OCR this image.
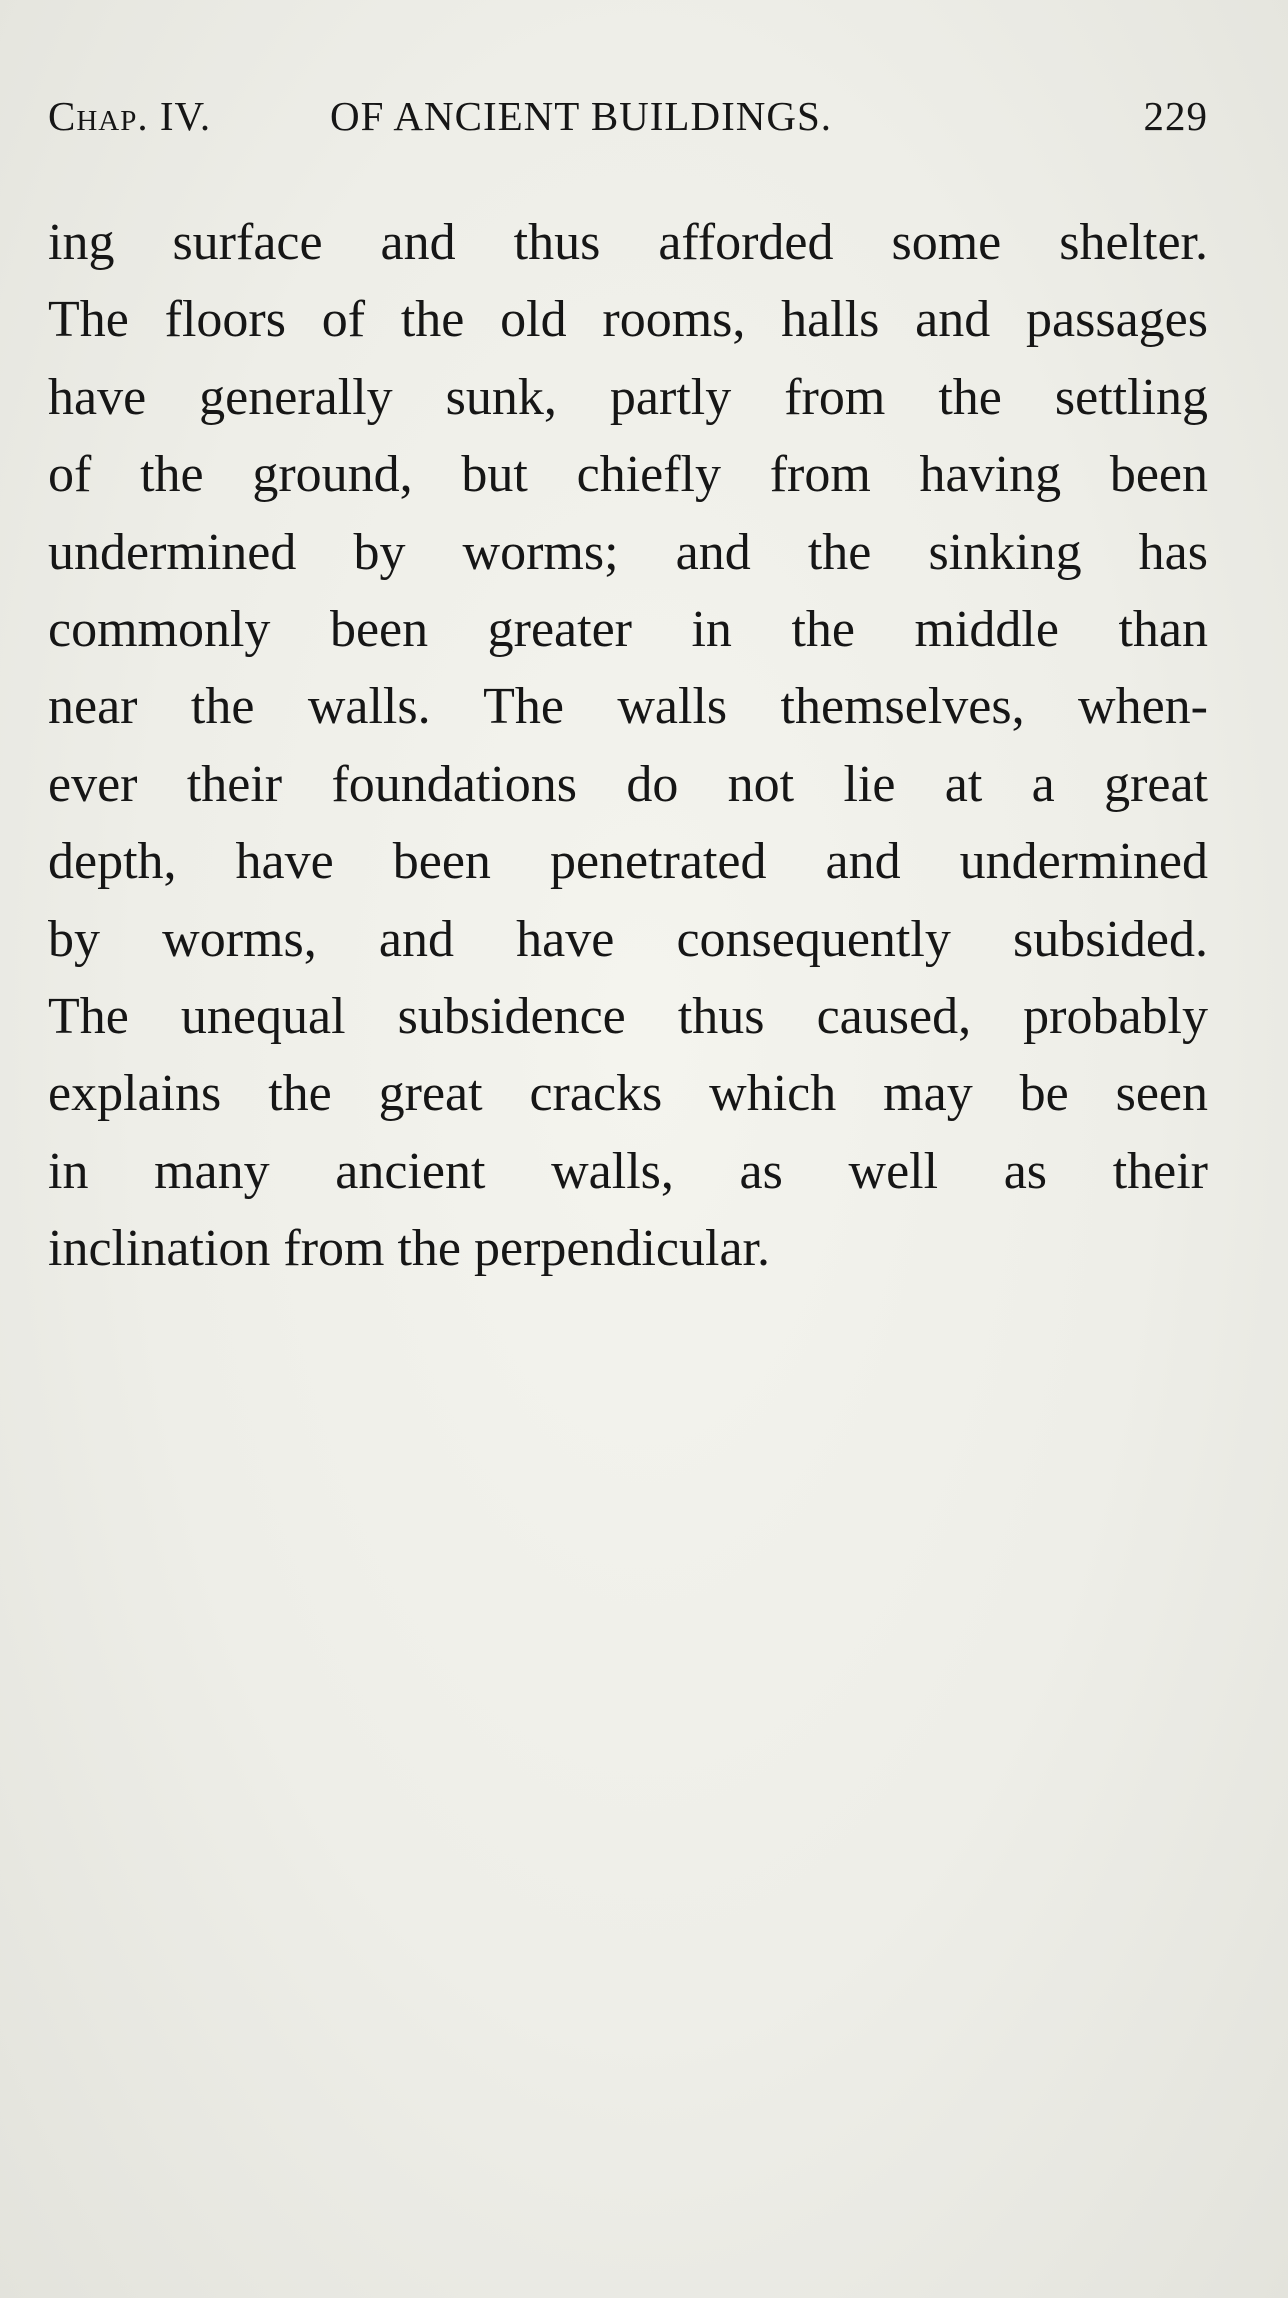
Chap. IV.	OF ANCIENT BUILDINGS.	229
ing surface and thus afforded some shelter.
The floors of the old rooms, halls and passages
have generally sunk, partly from the settling
of the ground, but chiefly from having been
undermined by worms; and the sinking has
commonly been greater in the middle than
near the walls. The walls themselves, when-
ever their foundations do not lie at a great
depth, have been penetrated and undermined
by worms, and have consequently subsided.
The unequal subsidence thus caused, probably
explains the great cracks which may be seen
in many ancient walls, as well as their
inclination from the perpendicular.
